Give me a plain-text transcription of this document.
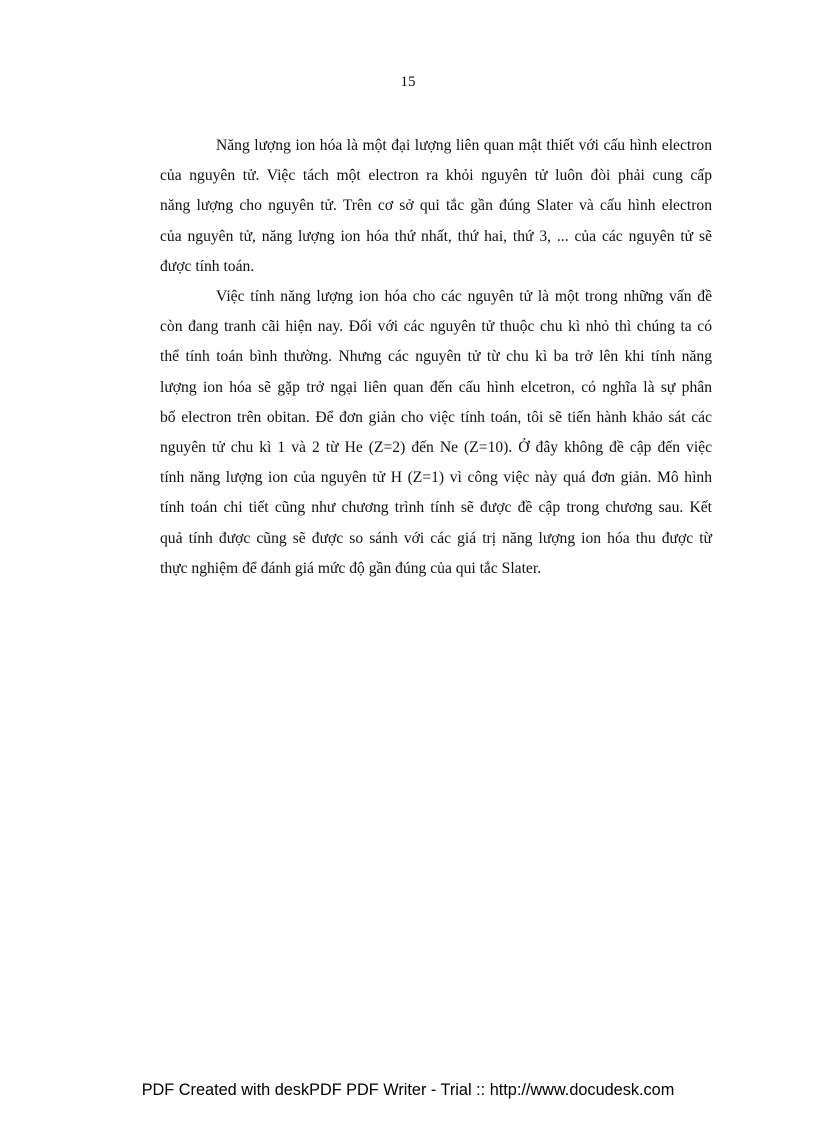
15
Năng lượng ion hóa là một đại lượng liên quan mật thiết với cấu hình electron
của nguyên tử. Việc tách một electron ra khỏi nguyên tử luôn đòi phải cung cấp
năng lượng cho nguyên tử. Trên cơ sở qui tắc gần đúng Slater và cấu hình electron
của nguyên tử, năng lượng ion hóa thứ nhất, thứ hai, thứ 3, ... của các nguyên tử sẽ
được tính toán.
Việc tính năng lượng ion hóa cho các nguyên tử là một trong những vấn đề
còn đang tranh cãi hiện nay. Đối với các nguyên tử thuộc chu kì nhỏ thì chúng ta có
thể tính toán bình thường. Nhưng các nguyên tử từ chu kì ba trở lên khi tính năng
lượng ion hóa sẽ gặp trở ngại liên quan đến cấu hình elcetron, có nghĩa là sự phân
bố electron trên obitan. Để đơn giản cho việc tính toán, tôi sẽ tiến hành khảo sát các
nguyên tử chu kì 1 và 2 từ He (Z=2) đến Ne (Z=10). Ở đây không đề cập đến việc
tính năng lượng ion của nguyên tử H (Z=1) vì công việc này quá đơn giản. Mô hình
tính toán chi tiết cũng như chương trình tính sẽ được đề cập trong chương sau. Kết
quả tính được cũng sẽ được so sánh với các giá trị năng lượng ion hóa thu được từ
thực nghiệm để đánh giá mức độ gần đúng của qui tắc Slater.
PDF Created with deskPDF PDF Writer - Trial :: http://www.docudesk.com
